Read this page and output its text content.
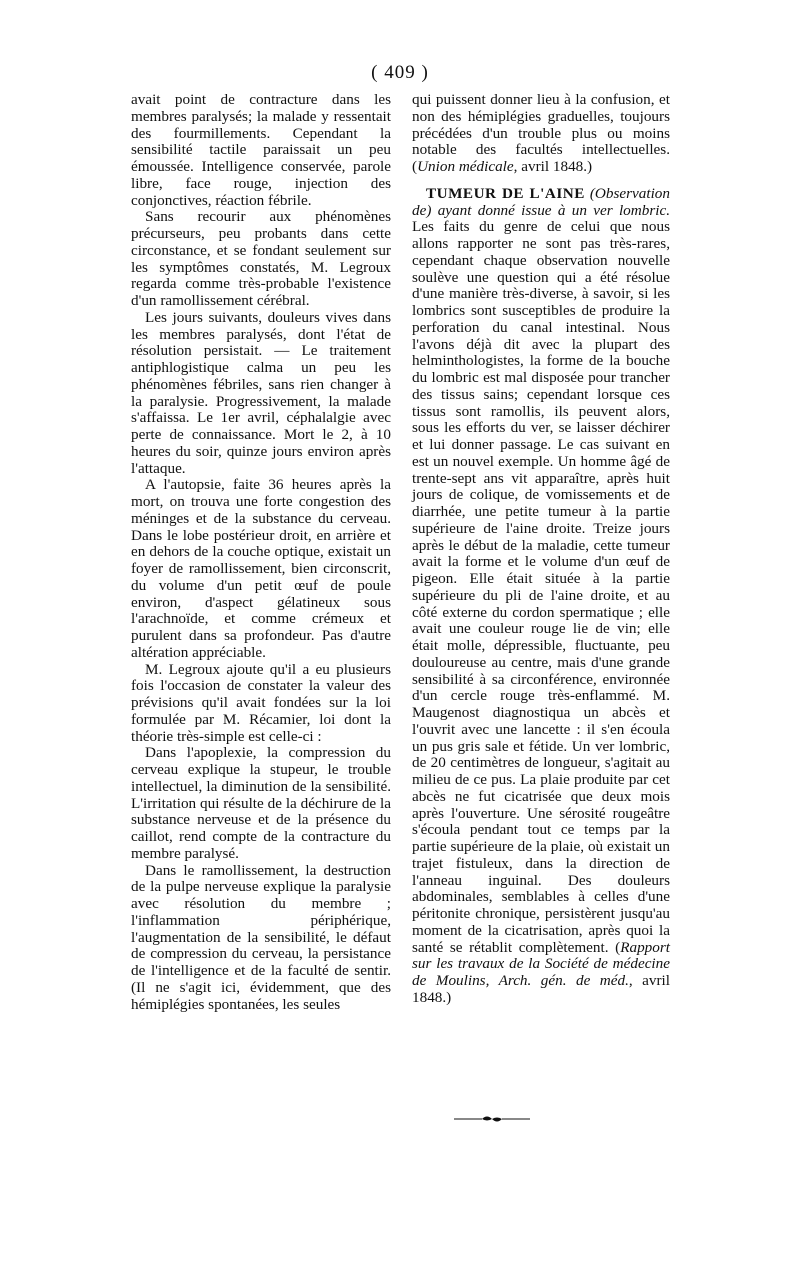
( 409 )

avait point de contracture dans les membres paralysés; la malade y ressentait des fourmillements. Cependant la sensibilité tactile paraissait un peu émoussée. Intelligence conservée, parole libre, face rouge, injection des conjonctives, réaction fébrile.

Sans recourir aux phénomènes précurseurs, peu probants dans cette circonstance, et se fondant seulement sur les symptômes constatés, M. Legroux regarda comme très-probable l'existence d'un ramollissement cérébral.

Les jours suivants, douleurs vives dans les membres paralysés, dont l'état de résolution persistait. — Le traitement antiphlogistique calma un peu les phénomènes fébriles, sans rien changer à la paralysie. Progressivement, la malade s'affaissa. Le 1er avril, céphalalgie avec perte de connaissance. Mort le 2, à 10 heures du soir, quinze jours environ après l'attaque.

A l'autopsie, faite 36 heures après la mort, on trouva une forte congestion des méninges et de la substance du cerveau. Dans le lobe postérieur droit, en arrière et en dehors de la couche optique, existait un foyer de ramollissement, bien circonscrit, du volume d'un petit œuf de poule environ, d'aspect gélatineux sous l'arachnoïde, et comme crémeux et purulent dans sa profondeur. Pas d'autre altération appréciable.

M. Legroux ajoute qu'il a eu plusieurs fois l'occasion de constater la valeur des prévisions qu'il avait fondées sur la loi formulée par M. Récamier, loi dont la théorie très-simple est celle-ci :

Dans l'apoplexie, la compression du cerveau explique la stupeur, le trouble intellectuel, la diminution de la sensibilité. L'irritation qui résulte de la déchirure de la substance nerveuse et de la présence du caillot, rend compte de la contracture du membre paralysé.

Dans le ramollissement, la destruction de la pulpe nerveuse explique la paralysie avec résolution du membre ; l'inflammation périphérique, l'augmentation de la sensibilité, le défaut de compression du cerveau, la persistance de l'intelligence et de la faculté de sentir. (Il ne s'agit ici, évidemment, que des hémiplégies spontanées, les seules

qui puissent donner lieu à la confusion, et non des hémiplégies graduelles, toujours précédées d'un trouble plus ou moins notable des facultés intellectuelles. (Union médicale, avril 1848.)

TUMEUR DE L'AINE (Observation de) ayant donné issue à un ver lombric. Les faits du genre de celui que nous allons rapporter ne sont pas très-rares, cependant chaque observation nouvelle soulève une question qui a été résolue d'une manière très-diverse, à savoir, si les lombrics sont susceptibles de produire la perforation du canal intestinal. Nous l'avons déjà dit avec la plupart des helminthologistes, la forme de la bouche du lombric est mal disposée pour trancher des tissus sains; cependant lorsque ces tissus sont ramollis, ils peuvent alors, sous les efforts du ver, se laisser déchirer et lui donner passage. Le cas suivant en est un nouvel exemple. Un homme âgé de trente-sept ans vit apparaître, après huit jours de colique, de vomissements et de diarrhée, une petite tumeur à la partie supérieure de l'aine droite. Treize jours après le début de la maladie, cette tumeur avait la forme et le volume d'un œuf de pigeon. Elle était située à la partie supérieure du pli de l'aine droite, et au côté externe du cordon spermatique ; elle avait une couleur rouge lie de vin; elle était molle, dépressible, fluctuante, peu douloureuse au centre, mais d'une grande sensibilité à sa circonférence, environnée d'un cercle rouge très-enflammé. M. Maugenost diagnostiqua un abcès et l'ouvrit avec une lancette : il s'en écoula un pus gris sale et fétide. Un ver lombric, de 20 centimètres de longueur, s'agitait au milieu de ce pus. La plaie produite par cet abcès ne fut cicatrisée que deux mois après l'ouverture. Une sérosité rougeâtre s'écoula pendant tout ce temps par la partie supérieure de la plaie, où existait un trajet fistuleux, dans la direction de l'anneau inguinal. Des douleurs abdominales, semblables à celles d'une péritonite chronique, persistèrent jusqu'au moment de la cicatrisation, après quoi la santé se rétablit complètement. (Rapport sur les travaux de la Société de médecine de Moulins, Arch. gén. de méd., avril 1848.)
